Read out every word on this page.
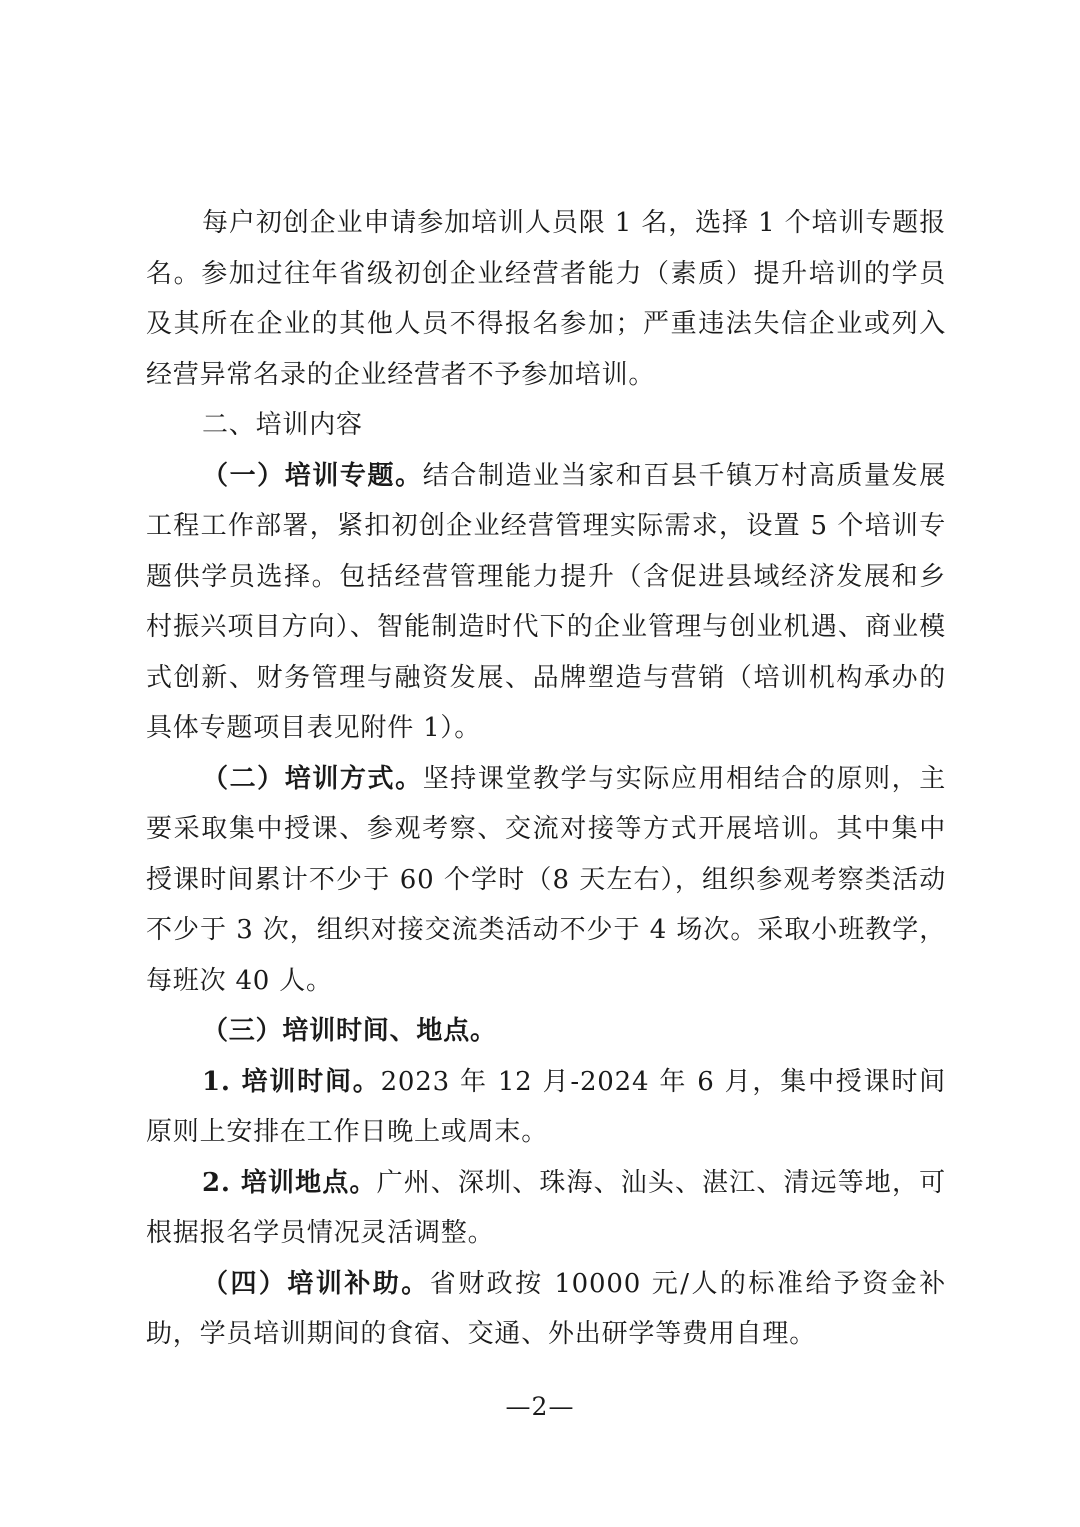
每户初创企业申请参加培训人员限 1 名，选择 1 个培训专题报名。参加过往年省级初创企业经营者能力（素质）提升培训的学员及其所在企业的其他人员不得报名参加；严重违法失信企业或列入经营异常名录的企业经营者不予参加培训。

二、培训内容

（一）培训专题。结合制造业当家和百县千镇万村高质量发展工程工作部署，紧扣初创企业经营管理实际需求，设置 5 个培训专题供学员选择。包括经营管理能力提升（含促进县域经济发展和乡村振兴项目方向）、智能制造时代下的企业管理与创业机遇、商业模式创新、财务管理与融资发展、品牌塑造与营销（培训机构承办的具体专题项目表见附件 1）。

（二）培训方式。坚持课堂教学与实际应用相结合的原则，主要采取集中授课、参观考察、交流对接等方式开展培训。其中集中授课时间累计不少于 60 个学时（8 天左右），组织参观考察类活动不少于 3 次，组织对接交流类活动不少于 4 场次。采取小班教学，每班次 40 人。

（三）培训时间、地点。

1. 培训时间。2023 年 12 月-2024 年 6 月，集中授课时间原则上安排在工作日晚上或周末。

2. 培训地点。广州、深圳、珠海、汕头、湛江、清远等地，可根据报名学员情况灵活调整。

（四）培训补助。省财政按 10000 元/人的标准给予资金补助，学员培训期间的食宿、交通、外出研学等费用自理。

—2—
